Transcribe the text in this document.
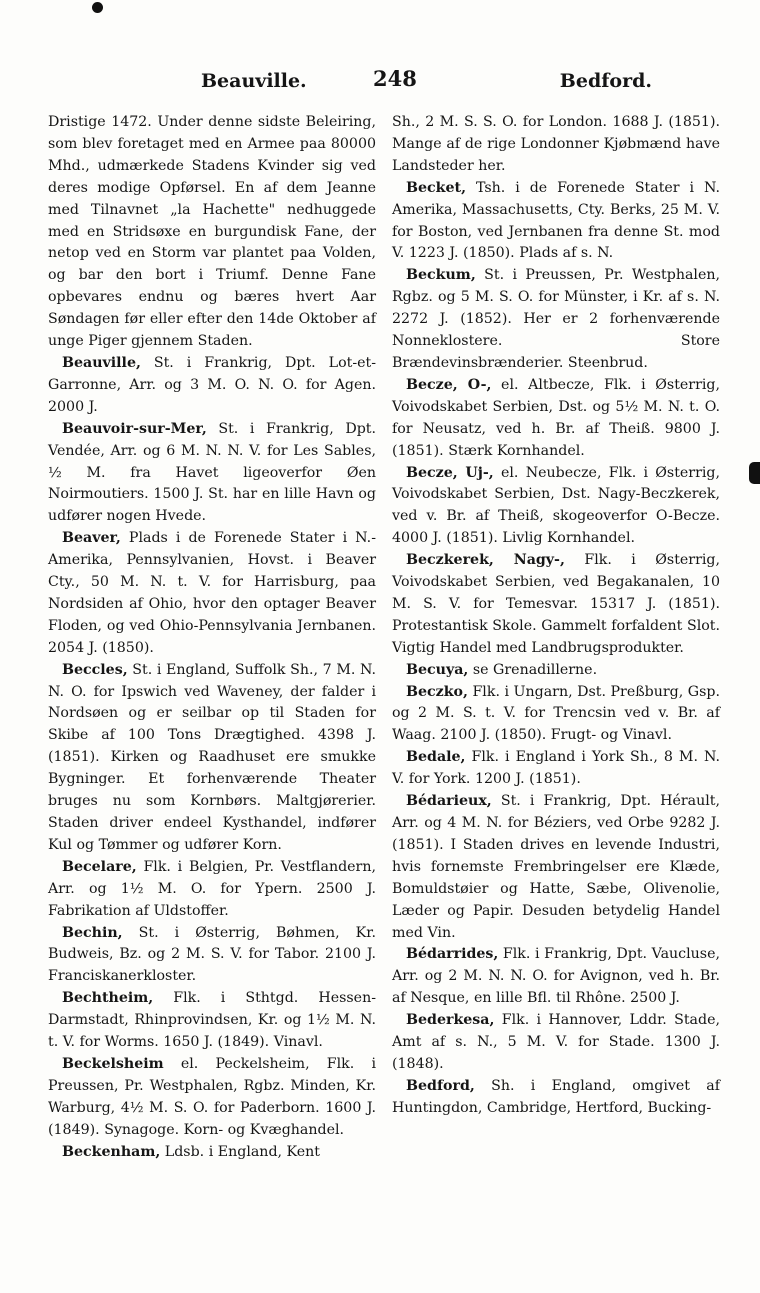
Beauville.	248	Bedford.

Dristige 1472. Under denne sidste Beleiring, som blev foretaget med en Armee paa 80000 Mhd., udmærkede Stadens Kvinder sig ved deres modige Opførsel. En af dem Jeanne med Tilnavnet „la Hachette" nedhuggede med en Stridsøxe en burgundisk Fane, der netop ved en Storm var plantet paa Volden, og bar den bort i Triumf. Denne Fane opbevares endnu og bæres hvert Aar Søndagen før eller efter den 14de Oktober af unge Piger gjennem Staden.

Beauville, St. i Frankrig, Dpt. Lot-et-Garronne, Arr. og 3 M. O. N. O. for Agen. 2000 J.

Beauvoir-sur-Mer, St. i Frankrig, Dpt. Vendée, Arr. og 6 M. N. N. V. for Les Sables, ½ M. fra Havet ligeoverfor Øen Noirmoutiers. 1500 J. St. har en lille Havn og udfører nogen Hvede.

Beaver, Plads i de Forenede Stater i N.-Amerika, Pennsylvanien, Hovst. i Beaver Cty., 50 M. N. t. V. for Harrisburg, paa Nordsiden af Ohio, hvor den optager Beaver Floden, og ved Ohio-Pennsylvania Jernbanen. 2054 J. (1850).

Beccles, St. i England, Suffolk Sh., 7 M. N. N. O. for Ipswich ved Waveney, der falder i Nordsøen og er seilbar op til Staden for Skibe af 100 Tons Drægtighed. 4398 J. (1851). Kirken og Raadhuset ere smukke Bygninger. Et forhenværende Theater bruges nu som Kornbørs. Maltgjørerier. Staden driver endeel Kysthandel, indfører Kul og Tømmer og udfører Korn.

Becelare, Flk. i Belgien, Pr. Vestflandern, Arr. og 1½ M. O. for Ypern. 2500 J. Fabrikation af Uldstoffer.

Bechin, St. i Østerrig, Bøhmen, Kr. Budweis, Bz. og 2 M. S. V. for Tabor. 2100 J. Franciskanerkloster.

Bechtheim, Flk. i Sthtgd. Hessen-Darmstadt, Rhinprovindsen, Kr. og 1½ M. N. t. V. for Worms. 1650 J. (1849). Vinavl.

Beckelsheim el. Peckelsheim, Flk. i Preussen, Pr. Westphalen, Rgbz. Minden, Kr. Warburg, 4½ M. S. O. for Paderborn. 1600 J. (1849). Synagoge. Korn- og Kvæghandel.

Beckenham, Ldsb. i England, Kent

Sh., 2 M. S. S. O. for London. 1688 J. (1851). Mange af de rige Londonner Kjøbmænd have Landsteder her.

Becket, Tsh. i de Forenede Stater i N. Amerika, Massachusetts, Cty. Berks, 25 M. V. for Boston, ved Jernbanen fra denne St. mod V. 1223 J. (1850). Plads af s. N.

Beckum, St. i Preussen, Pr. Westphalen, Rgbz. og 5 M. S. O. for Münster, i Kr. af s. N. 2272 J. (1852). Her er 2 forhenværende Nonneklostere. Store Brændevinsbrænderier. Steenbrud.

Becze, O-, el. Altbecze, Flk. i Østerrig, Voivodskabet Serbien, Dst. og 5½ M. N. t. O. for Neusatz, ved h. Br. af Theiß. 9800 J. (1851). Stærk Kornhandel.

Becze, Uj-, el. Neubecze, Flk. i Østerrig, Voivodskabet Serbien, Dst. Nagy-Beczkerek, ved v. Br. af Theiß, skogeoverfor O-Becze. 4000 J. (1851). Livlig Kornhandel.

Beczkerek, Nagy-, Flk. i Østerrig, Voivodskabet Serbien, ved Begakanalen, 10 M. S. V. for Temesvar. 15317 J. (1851). Protestantisk Skole. Gammelt forfaldent Slot. Vigtig Handel med Landbrugsprodukter.

Becuya, se Grenadillerne.

Beczko, Flk. i Ungarn, Dst. Preßburg, Gsp. og 2 M. S. t. V. for Trencsin ved v. Br. af Waag. 2100 J. (1850). Frugt- og Vinavl.

Bedale, Flk. i England i York Sh., 8 M. N. V. for York. 1200 J. (1851).

Bédarieux, St. i Frankrig, Dpt. Hérault, Arr. og 4 M. N. for Béziers, ved Orbe 9282 J. (1851). I Staden drives en levende Industri, hvis fornemste Frembringelser ere Klæde, Bomuldstøier og Hatte, Sæbe, Olivenolie, Læder og Papir. Desuden betydelig Handel med Vin.

Bédarrides, Flk. i Frankrig, Dpt. Vaucluse, Arr. og 2 M. N. N. O. for Avignon, ved h. Br. af Nesque, en lille Bfl. til Rhône. 2500 J.

Bederkesa, Flk. i Hannover, Lddr. Stade, Amt af s. N., 5 M. V. for Stade. 1300 J. (1848).

Bedford, Sh. i England, omgivet af Huntingdon, Cambridge, Hertford, Bucking-
